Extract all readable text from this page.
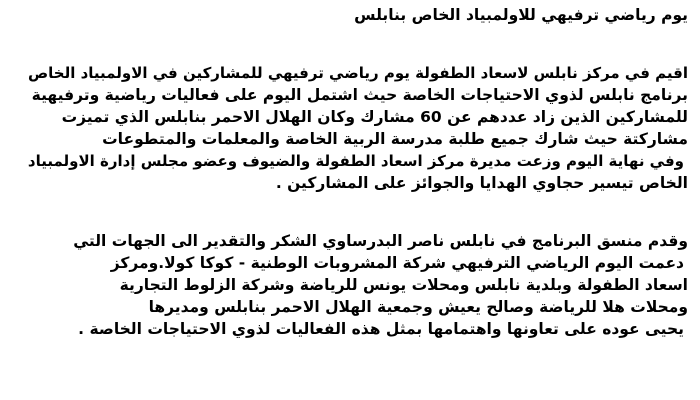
يوم رياضي ترفيهي للاولمبياد الخاص بنابلس
اقيم في مركز نابلس لاسعاد الطفولة يوم رياضي ترفيهي للمشاركين في الاولمبياد الخاص
برنامج نابلس لذوي الاحتياجات الخاصة حيث اشتمل اليوم على فعاليات رياضية وترفيهية
للمشاركين الذين زاد عددهم عن 60 مشارك وكان الهلال الاحمر بنابلس الذي تميزت
مشاركتة حيث شارك جميع طلبة مدرسة الربية الخاصة والمعلمات والمتطوعات
وفي نهاية اليوم وزعت مديرة مركز اسعاد الطفولة والضيوف وعضو مجلس إدارة الاولمبياد
الخاص تيسير حجاوي الهدايا والجوائز على المشاركين .
وقدم منسق البرنامج في نابلس ناصر البدرساوي الشكر والتقدير الى الجهات التي
دعمت اليوم الرياضي الترفيهي شركة المشروبات الوطنية - كوكا كولا.ومركز
اسعاد الطفولة وبلدية نابلس ومحلات يونس للرياضة وشركة الزلوط التجارية
ومحلات هلا للرياضة وصالح يعيش وجمعية الهلال الاحمر بنابلس ومديرها
يحيى عوده على تعاونها واهتمامها بمثل هذه الفعاليات لذوي الاحتياجات الخاصة .
